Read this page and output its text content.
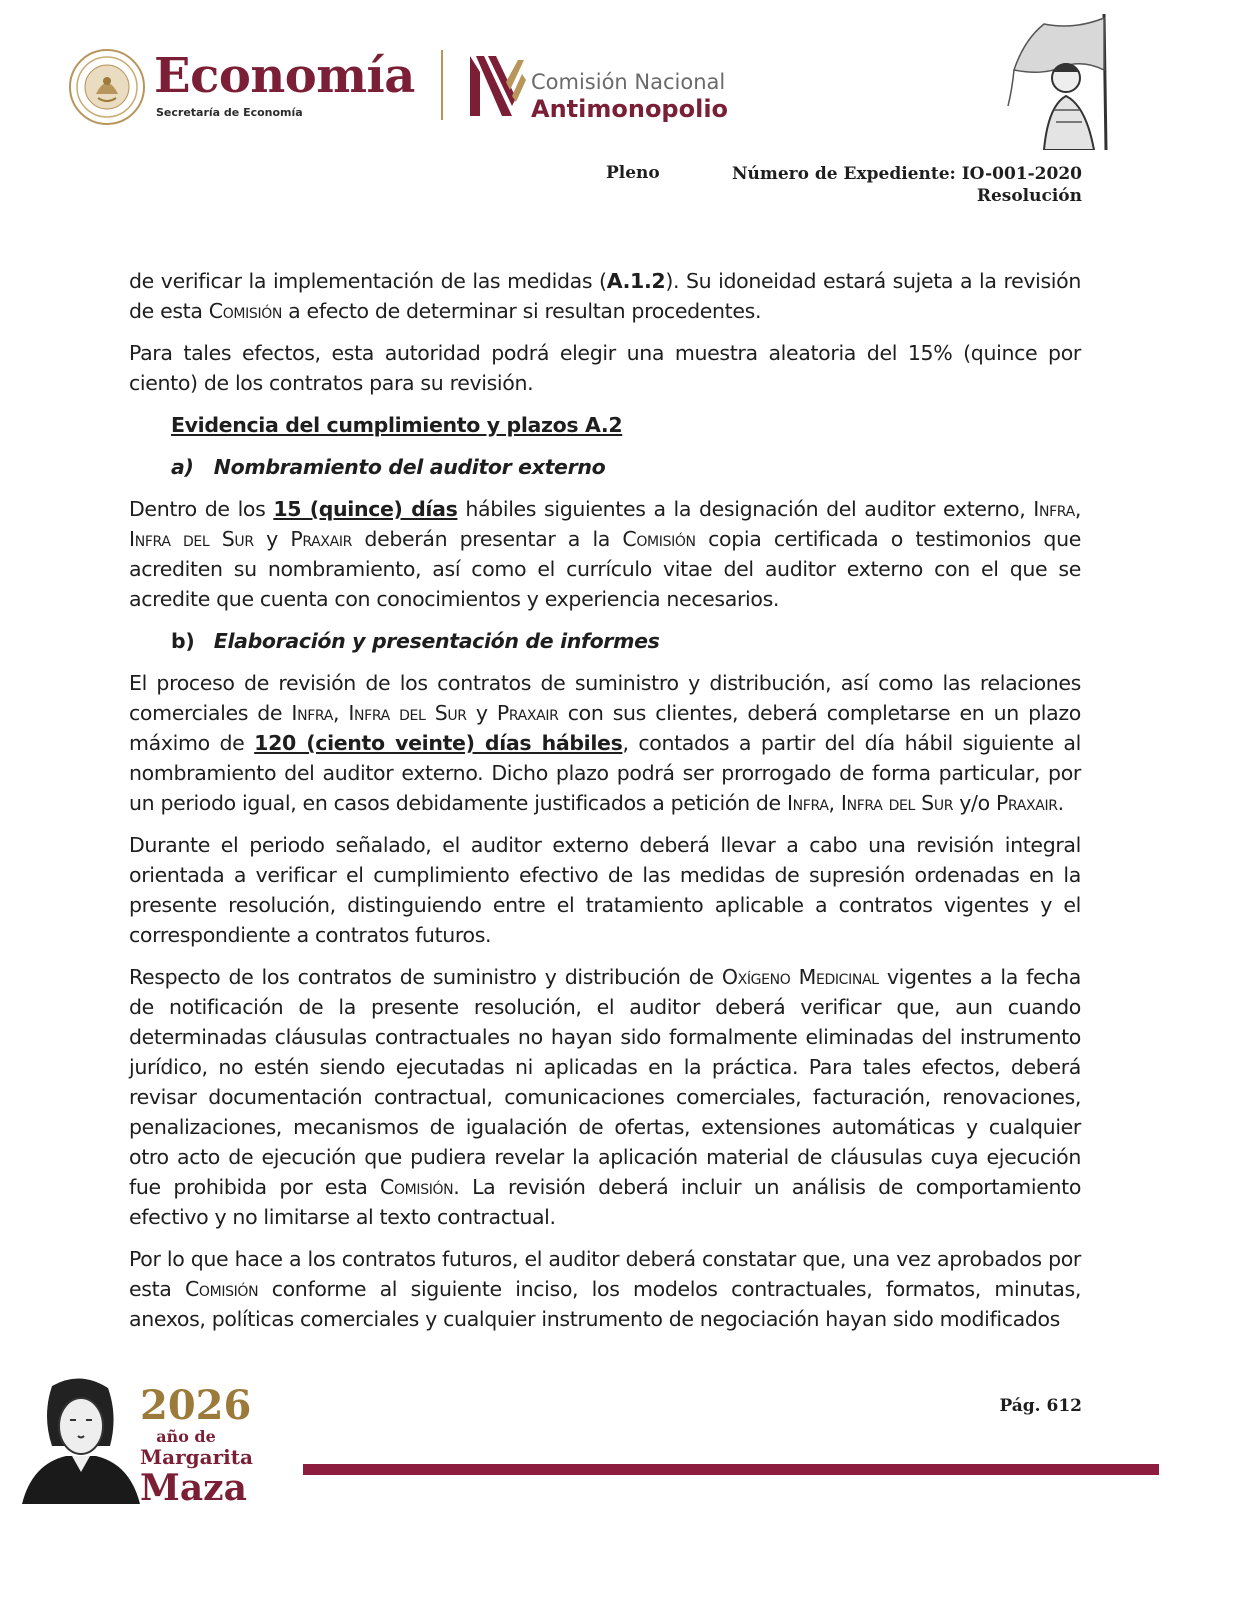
Economía
Secretaría de Economía
Comisión Nacional
Antimonopolio
Pleno	Número de Expediente: IO-001-2020
Resolución

de verificar la implementación de las medidas (A.1.2). Su idoneidad estará sujeta a la revisión de esta Comisión a efecto de determinar si resultan procedentes.

Para tales efectos, esta autoridad podrá elegir una muestra aleatoria del 15% (quince por ciento) de los contratos para su revisión.

Evidencia del cumplimiento y plazos A.2
a) Nombramiento del auditor externo

Dentro de los 15 (quince) días hábiles siguientes a la designación del auditor externo, Infra, Infra del Sur y Praxair deberán presentar a la Comisión copia certificada o testimonios que acrediten su nombramiento, así como el currículo vitae del auditor externo con el que se acredite que cuenta con conocimientos y experiencia necesarios.

b) Elaboración y presentación de informes

El proceso de revisión de los contratos de suministro y distribución, así como las relaciones comerciales de Infra, Infra del Sur y Praxair con sus clientes, deberá completarse en un plazo máximo de 120 (ciento veinte) días hábiles, contados a partir del día hábil siguiente al nombramiento del auditor externo. Dicho plazo podrá ser prorrogado de forma particular, por un periodo igual, en casos debidamente justificados a petición de Infra, Infra del Sur y/o Praxair.

Durante el periodo señalado, el auditor externo deberá llevar a cabo una revisión integral orientada a verificar el cumplimiento efectivo de las medidas de supresión ordenadas en la presente resolución, distinguiendo entre el tratamiento aplicable a contratos vigentes y el correspondiente a contratos futuros.

Respecto de los contratos de suministro y distribución de Oxígeno Medicinal vigentes a la fecha de notificación de la presente resolución, el auditor deberá verificar que, aun cuando determinadas cláusulas contractuales no hayan sido formalmente eliminadas del instrumento jurídico, no estén siendo ejecutadas ni aplicadas en la práctica. Para tales efectos, deberá revisar documentación contractual, comunicaciones comerciales, facturación, renovaciones, penalizaciones, mecanismos de igualación de ofertas, extensiones automáticas y cualquier otro acto de ejecución que pudiera revelar la aplicación material de cláusulas cuya ejecución fue prohibida por esta Comisión. La revisión deberá incluir un análisis de comportamiento efectivo y no limitarse al texto contractual.

Por lo que hace a los contratos futuros, el auditor deberá constatar que, una vez aprobados por esta Comisión conforme al siguiente inciso, los modelos contractuales, formatos, minutas, anexos, políticas comerciales y cualquier instrumento de negociación hayan sido modificados

2026
año de
Margarita
Maza
Pág. 612
